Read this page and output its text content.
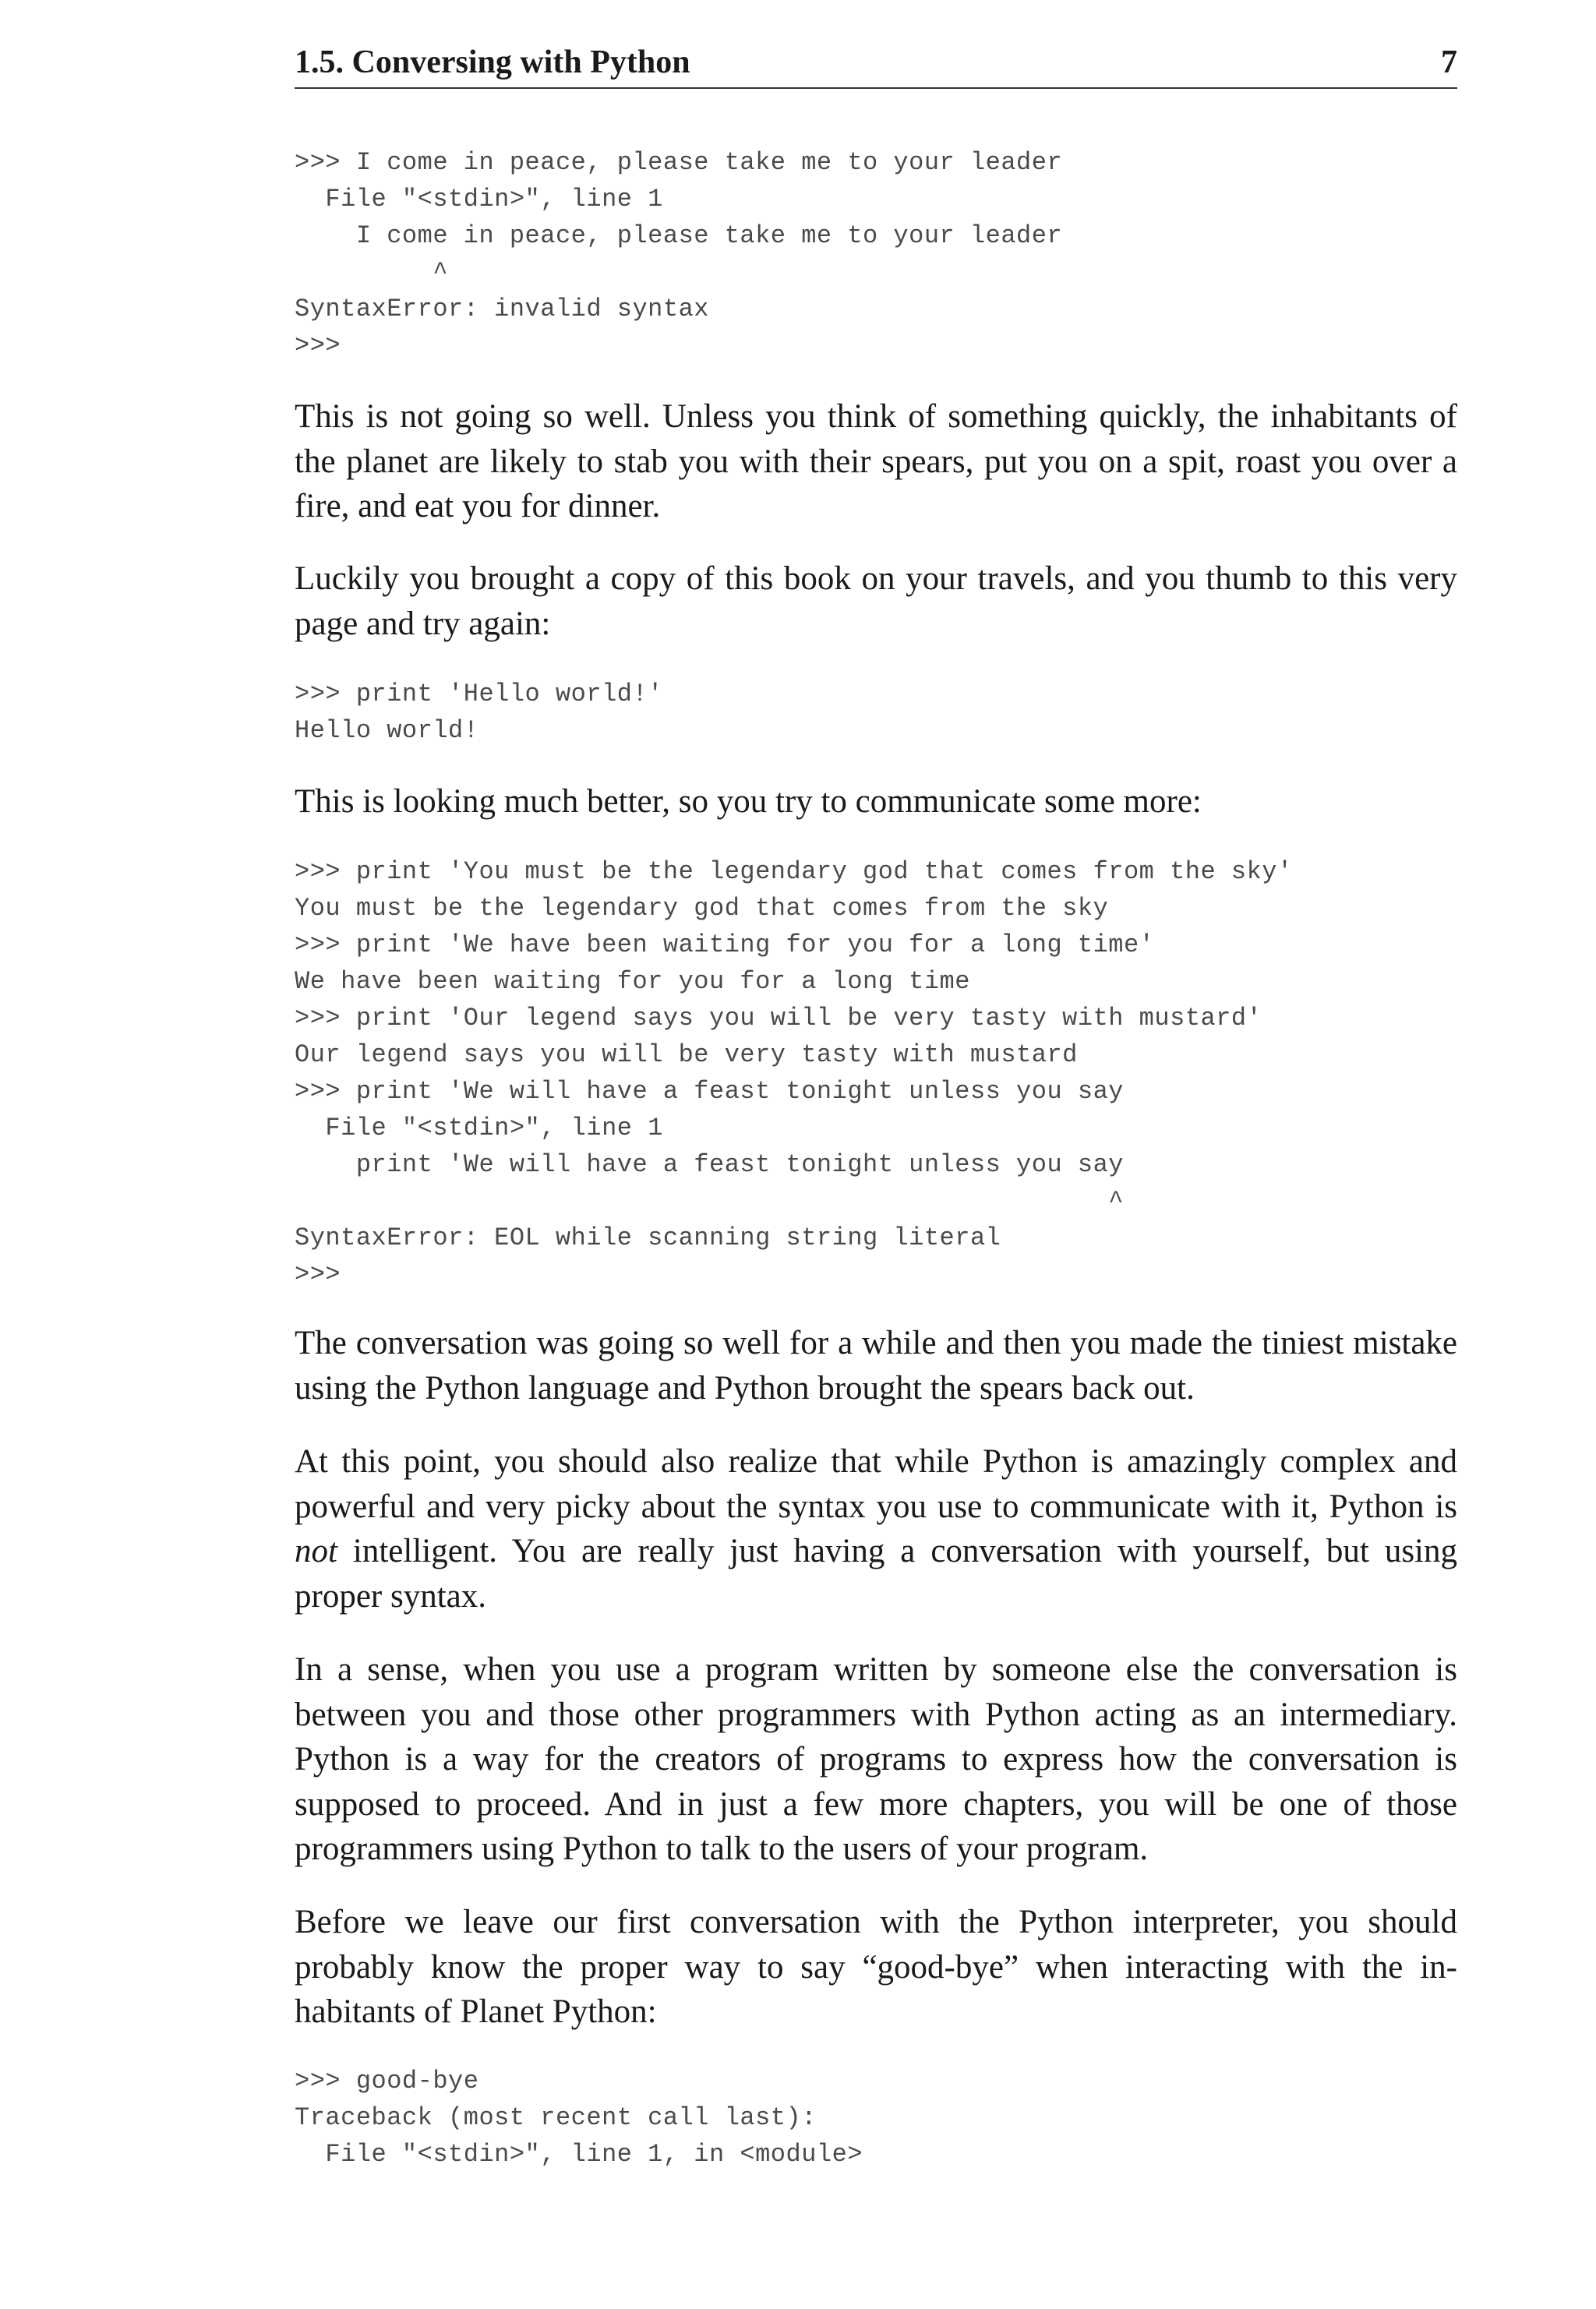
1.5. Conversing with Python	7
>>> I come in peace, please take me to your leader
File "<stdin>", line 1
I come in peace, please take me to your leader
^
SyntaxError: invalid syntax
>>>

This is not going so well. Unless you think of something quickly, the inhabitants of the planet are likely to stab you with their spears, put you on a spit, roast you over a fire, and eat you for dinner.

Luckily you brought a copy of this book on your travels, and you thumb to this very page and try again:

>>> print 'Hello world!'
Hello world!

This is looking much better, so you try to communicate some more:

>>> print 'You must be the legendary god that comes from the sky'
You must be the legendary god that comes from the sky
>>> print 'We have been waiting for you for a long time'
We have been waiting for you for a long time
>>> print 'Our legend says you will be very tasty with mustard'
Our legend says you will be very tasty with mustard
>>> print 'We will have a feast tonight unless you say
File "<stdin>", line 1
print 'We will have a feast tonight unless you say
^
SyntaxError: EOL while scanning string literal
>>>

The conversation was going so well for a while and then you made the tiniest mistake using the Python language and Python brought the spears back out.

At this point, you should also realize that while Python is amazingly complex and powerful and very picky about the syntax you use to communicate with it, Python is not intelligent. You are really just having a conversation with yourself, but using proper syntax.

In a sense, when you use a program written by someone else the conversation is between you and those other programmers with Python acting as an intermediary. Python is a way for the creators of programs to express how the conversation is supposed to proceed. And in just a few more chapters, you will be one of those programmers using Python to talk to the users of your program.

Before we leave our first conversation with the Python interpreter, you should probably know the proper way to say “good-bye” when interacting with the in-habitants of Planet Python:

>>> good-bye
Traceback (most recent call last):
File "<stdin>", line 1, in <module>
